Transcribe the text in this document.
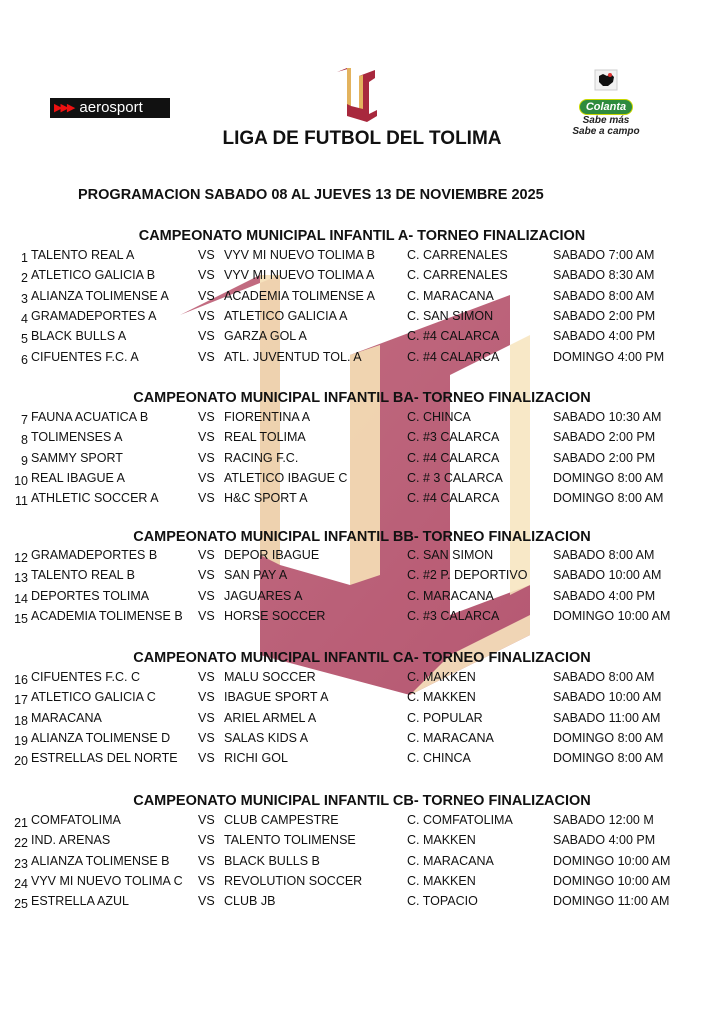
▶▶▶ aerosport	Colanta
Sabe más
Sabe a campo
LIGA DE FUTBOL DEL TOLIMA
PROGRAMACION SABADO 08 AL JUEVES 13 DE NOVIEMBRE 2025
CAMPEONATO MUNICIPAL INFANTIL A- TORNEO FINALIZACION
1 TALENTO REAL A	VS VYV MI NUEVO TOLIMA B	C. CARRENALES	SABADO 7:00 AM
2 ATLETICO GALICIA B	VS VYV MI NUEVO TOLIMA A	C. CARRENALES	SABADO 8:30 AM
3 ALIANZA TOLIMENSE A VS ACADEMIA TOLIMENSE A	C. MARACANA	SABADO 8:00 AM
4 GRAMADEPORTES A	VS ATLETICO GALICIA A	C. SAN SIMON	SABADO 2:00 PM
5 BLACK BULLS A	VS GARZA GOL A	C. #4 CALARCA	SABADO 4:00 PM
6 CIFUENTES F.C. A	VS ATL. JUVENTUD TOL. A	C. #4 CALARCA	DOMINGO 4:00 PM
CAMPEONATO MUNICIPAL INFANTIL BA- TORNEO FINALIZACION
7 FAUNA ACUATICA B	VS FIORENTINA A	C. CHINCA	SABADO 10:30 AM
8 TOLIMENSES A	VS REAL TOLIMA	C. #3 CALARCA	SABADO 2:00 PM
9 SAMMY SPORT	VS RACING F.C.	C. #4 CALARCA	SABADO 2:00 PM
10 REAL IBAGUE A	VS ATLETICO IBAGUE C	C. # 3 CALARCA	DOMINGO 8:00 AM
11 ATHLETIC SOCCER A	VS H&C SPORT A	C. #4 CALARCA	DOMINGO 8:00 AM
CAMPEONATO MUNICIPAL INFANTIL BB- TORNEO FINALIZACION
12 GRAMADEPORTES B	VS DEPOR IBAGUE	C. SAN SIMON	SABADO 8:00 AM
13 TALENTO REAL B	VS SAN PAY A	C. #2 P. DEPORTIVO SABADO 10:00 AM
14 DEPORTES TOLIMA	VS JAGUARES A	C. MARACANA	SABADO 4:00 PM
15 ACADEMIA TOLIMENSE B VS HORSE SOCCER	C. #3 CALARCA	DOMINGO 10:00 AM
CAMPEONATO MUNICIPAL INFANTIL CA- TORNEO FINALIZACION
16 CIFUENTES F.C. C	VS MALU SOCCER	C. MAKKEN	SABADO 8:00 AM
17 ATLETICO GALICIA C	VS IBAGUE SPORT A	C. MAKKEN	SABADO 10:00 AM
18 MARACANA	VS ARIEL ARMEL A	C. POPULAR	SABADO 11:00 AM
19 ALIANZA TOLIMENSE D VS SALAS KIDS A	C. MARACANA	DOMINGO 8:00 AM
20 ESTRELLAS DEL NORTE VS RICHI GOL	C. CHINCA	DOMINGO 8:00 AM
CAMPEONATO MUNICIPAL INFANTIL CB- TORNEO FINALIZACION
21 COMFATOLIMA	VS CLUB CAMPESTRE	C. COMFATOLIMA	SABADO 12:00 M
22 IND. ARENAS	VS TALENTO TOLIMENSE	C. MAKKEN	SABADO 4:00 PM
23 ALIANZA TOLIMENSE B VS BLACK BULLS B	C. MARACANA	DOMINGO 10:00 AM
24 VYV MI NUEVO TOLIMA C VS REVOLUTION SOCCER	C. MAKKEN	DOMINGO 10:00 AM
25 ESTRELLA AZUL	VS CLUB JB	C. TOPACIO	DOMINGO 11:00 AM
